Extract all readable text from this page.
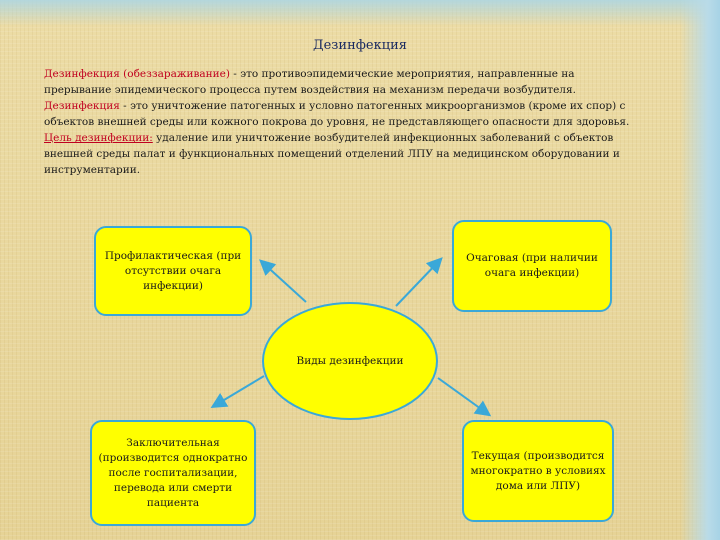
Дезинфекция

Дезинфекция (обеззараживание) - это противоэпидемические мероприятия, направленные на прерывание эпидемического процесса путем воздействия на механизм передачи возбудителя.

Дезинфекция - это уничтожение патогенных и условно патогенных микроорганизмов (кроме их спор) с объектов внешней среды или кожного покрова до уровня, не представляющего опасности для здоровья.

Цель дезинфекции: удаление или уничтожение возбудителей инфекционных заболеваний с объектов внешней среды палат и функциональных помещений отделений ЛПУ на медицинском оборудовании и инструментарии.

Профилактическая (при отсутствии очага инфекции)
Очаговая (при наличии очага инфекции)
Виды дезинфекции
Заключительная (производится однократно после госпитализации, перевода или смерти пациента
Текущая (производится многократно в условиях дома или ЛПУ)
